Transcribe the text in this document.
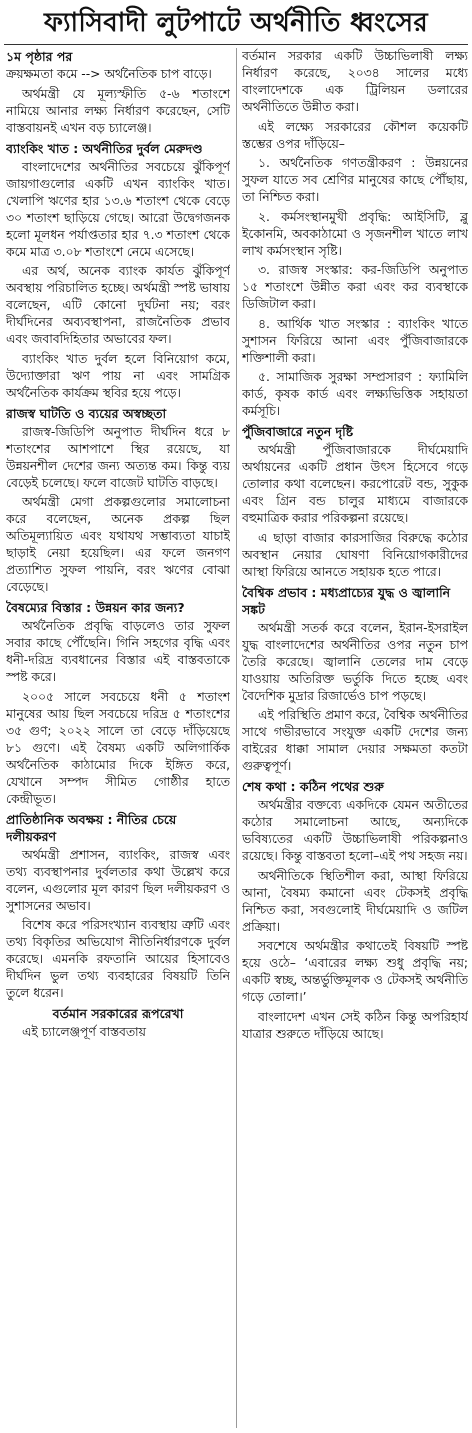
ফ্যাসিবাদী লুটপাটে অর্থনীতি ধ্বংসের
১ম পৃষ্ঠার পর

ক্রয়ক্ষমতা কমে --> অর্থনৈতিক চাপ বাড়ে।

অর্থমন্ত্রী যে মূল্যস্ফীতি ৫-৬ শতাংশে নামিয়ে আনার লক্ষ্য নির্ধারণ করেছেন, সেটি বাস্তবায়নই এখন বড় চ্যালেঞ্জ।

ব্যাংকিং খাত : অর্থনীতির দুর্বল মেরুদণ্ড

বাংলাদেশের অর্থনীতির সবচেয়ে ঝুঁকিপূর্ণ জায়গাগুলোর একটি এখন ব্যাংকিং খাত। খেলাপি ঋণের হার ১৩.৬ শতাংশ থেকে বেড়ে ৩০ শতাংশ ছাড়িয়ে গেছে। আরো উদ্বেগজনক হলো মূলধন পর্যাপ্ততার হার ৭.৩ শতাংশ থেকে কমে মাত্র ৩.০৮ শতাংশে নেমে এসেছে।

এর অর্থ, অনেক ব্যাংক কার্যত ঝুঁকিপূর্ণ অবস্থায় পরিচালিত হচ্ছে। অর্থমন্ত্রী স্পষ্ট ভাষায় বলেছেন, এটি কোনো দুর্ঘটনা নয়; বরং দীর্ঘদিনের অব্যবস্থাপনা, রাজনৈতিক প্রভাব এবং জবাবদিহিতার অভাবের ফল।

ব্যাংকিং খাত দুর্বল হলে বিনিয়োগ কমে, উদ্যোক্তারা ঋণ পায় না এবং সামগ্রিক অর্থনৈতিক কার্যক্রম স্থবির হয়ে পড়ে।

রাজস্ব ঘাটতি ও ব্যয়ের অস্বচ্ছতা

রাজস্ব-জিডিপি অনুপাত দীর্ঘদিন ধরে ৮ শতাংশের আশপাশে স্থির রয়েছে, যা উন্নয়নশীল দেশের জন্য অত্যন্ত কম। কিন্তু ব্যয় বেড়েই চলেছে। ফলে বাজেট ঘাটতি বাড়ছে।

অর্থমন্ত্রী মেগা প্রকল্পগুলোর সমালোচনা করে বলেছেন, অনেক প্রকল্প ছিল অতিমূল্যায়িত এবং যথাযথ সম্ভাব্যতা যাচাই ছাড়াই নেয়া হয়েছিল। এর ফলে জনগণ প্রত্যাশিত সুফল পায়নি, বরং ঋণের বোঝা বেড়েছে।

বৈষম্যের বিস্তার : উন্নয়ন কার জন্য?

অর্থনৈতিক প্রবৃদ্ধি বাড়লেও তার সুফল সবার কাছে পৌঁছেনি। গিনি সহগের বৃদ্ধি এবং ধনী-দরিদ্র ব্যবধানের বিস্তার এই বাস্তবতাকে স্পষ্ট করে।

২০০৫ সালে সবচেয়ে ধনী ৫ শতাংশ মানুষের আয় ছিল সবচেয়ে দরিদ্র ৫ শতাংশের ৩৫ গুণ; ২০২২ সালে তা বেড়ে দাঁড়িয়েছে ৮১ গুণে। এই বৈষম্য একটি অলিগার্কিক অর্থনৈতিক কাঠামোর দিকে ইঙ্গিত করে, যেখানে সম্পদ সীমিত গোষ্ঠীর হাতে কেন্দ্রীভূত।

প্রাতিষ্ঠানিক অবক্ষয় : নীতির চেয়ে দলীয়করণ

অর্থমন্ত্রী প্রশাসন, ব্যাংকিং, রাজস্ব এবং তথ্য ব্যবস্থাপনার দুর্বলতার কথা উল্লেখ করে বলেন, এগুলোর মূল কারণ ছিল দলীয়করণ ও সুশাসনের অভাব।

বিশেষ করে পরিসংখ্যান ব্যবস্থায় ত্রুটি এবং তথ্য বিকৃতির অভিযোগ নীতিনির্ধারণকে দুর্বল করেছে। এমনকি রফতানি আয়ের হিসাবেও দীর্ঘদিন ভুল তথ্য ব্যবহারের বিষয়টি তিনি তুলে ধরেন।

বর্তমান সরকারের রূপরেখা

এই চ্যালেঞ্জপূর্ণ বাস্তবতায়

বর্তমান সরকার একটি উচ্চাভিলাষী লক্ষ্য নির্ধারণ করেছে, ২০৩৪ সালের মধ্যে বাংলাদেশকে এক ট্রিলিয়ন ডলারের অর্থনীতিতে উন্নীত করা।

এই লক্ষ্যে সরকারের কৌশল কয়েকটি স্তম্ভের ওপর দাঁড়িয়ে–

১. অর্থনৈতিক গণতন্ত্রীকরণ : উন্নয়নের সুফল যাতে সব শ্রেণির মানুষের কাছে পৌঁছায়, তা নিশ্চিত করা।

২. কর্মসংস্থানমুখী প্রবৃদ্ধি: আইসিটি, ব্লু ইকোনমি, অবকাঠামো ও সৃজনশীল খাতে লাখ লাখ কর্মসংস্থান সৃষ্টি।

৩. রাজস্ব সংস্কার: কর-জিডিপি অনুপাত ১৫ শতাংশে উন্নীত করা এবং কর ব্যবস্থাকে ডিজিটাল করা।

৪. আর্থিক খাত সংস্কার : ব্যাংকিং খাতে সুশাসন ফিরিয়ে আনা এবং পুঁজিবাজারকে শক্তিশালী করা।

৫. সামাজিক সুরক্ষা সম্প্রসারণ : ফ্যামিলি কার্ড, কৃষক কার্ড এবং লক্ষ্যভিত্তিক সহায়তা কর্মসূচি।

পুঁজিবাজারে নতুন দৃষ্টি

অর্থমন্ত্রী পুঁজিবাজারকে দীর্ঘমেয়াদি অর্থায়নের একটি প্রধান উৎস হিসেবে গড়ে তোলার কথা বলেছেন। করপোরেট বন্ড, সুকুক এবং গ্রিন বন্ড চালুর মাধ্যমে বাজারকে বহুমাত্রিক করার পরিকল্পনা রয়েছে।

এ ছাড়া বাজার কারসাজির বিরুদ্ধে কঠোর অবস্থান নেয়ার ঘোষণা বিনিয়োগকারীদের আস্থা ফিরিয়ে আনতে সহায়ক হতে পারে।

বৈশ্বিক প্রভাব : মধ্যপ্রাচ্যের যুদ্ধ ও জ্বালানি সঙ্কট

অর্থমন্ত্রী সতর্ক করে বলেন, ইরান-ইসরাইল যুদ্ধ বাংলাদেশের অর্থনীতির ওপর নতুন চাপ তৈরি করেছে। জ্বালানি তেলের দাম বেড়ে যাওয়ায় অতিরিক্ত ভর্তুকি দিতে হচ্ছে এবং বৈদেশিক মুদ্রার রিজার্ভেও চাপ পড়ছে।

এই পরিস্থিতি প্রমাণ করে, বৈশ্বিক অর্থনীতির সাথে গভীরভাবে সংযুক্ত একটি দেশের জন্য বাইরের ধাক্কা সামাল দেয়ার সক্ষমতা কতটা গুরুত্বপূর্ণ।

শেষ কথা : কঠিন পথের শুরু

অর্থমন্ত্রীর বক্তব্যে একদিকে যেমন অতীতের কঠোর সমালোচনা আছে, অন্যদিকে ভবিষ্যতের একটি উচ্চাভিলাষী পরিকল্পনাও রয়েছে। কিন্তু বাস্তবতা হলো–এই পথ সহজ নয়।

অর্থনীতিকে স্থিতিশীল করা, আস্থা ফিরিয়ে আনা, বৈষম্য কমানো এবং টেকসই প্রবৃদ্ধি নিশ্চিত করা, সবগুলোই দীর্ঘমেয়াদি ও জটিল প্রক্রিয়া।

সবশেষে অর্থমন্ত্রীর কথাতেই বিষয়টি স্পষ্ট হয়ে ওঠে– ‘এবারের লক্ষ্য শুধু প্রবৃদ্ধি নয়; একটি স্বচ্ছ, অন্তর্ভুক্তিমূলক ও টেকসই অর্থনীতি গড়ে তোলা।’

বাংলাদেশ এখন সেই কঠিন কিন্তু অপরিহার্য যাত্রার শুরুতে দাঁড়িয়ে আছে।
